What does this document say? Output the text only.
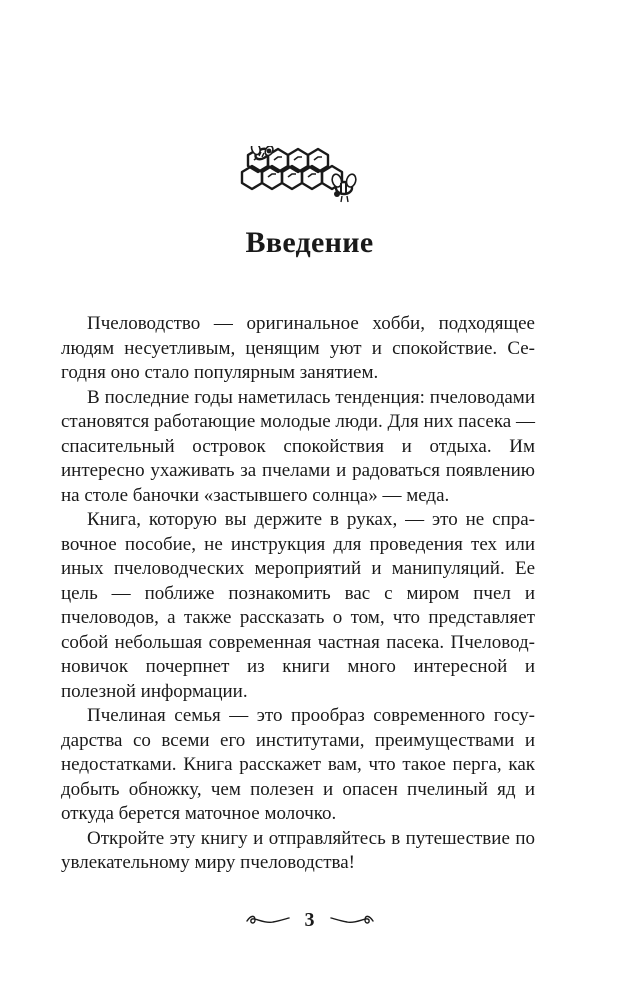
Введение

Пчеловодство — оригинальное хобби, подходящее людям несуетливым, ценящим уют и спокойствие. Сегодня оно стало популярным занятием.

В последние годы наметилась тенденция: пчеловодами становятся работающие молодые люди. Для них пасека — спасительный островок спокойствия и отдыха. Им интересно ухаживать за пчелами и радоваться появлению на столе баночки «застывшего солнца» — меда.

Книга, которую вы держите в руках, — это не справочное пособие, не инструкция для проведения тех или иных пчеловодческих мероприятий и манипуляций. Ее цель — поближе познакомить вас с миром пчел и пчеловодов, а также рассказать о том, что представляет собой небольшая современная частная пасека. Пчеловод-новичок почерпнет из книги много интересной и полезной информации.

Пчелиная семья — это прообраз современного государства со всеми его институтами, преимуществами и недостатками. Книга расскажет вам, что такое перга, как добыть обножку, чем полезен и опасен пчелиный яд и откуда берется маточное молочко.

Откройте эту книгу и отправляйтесь в путешествие по увлекательному миру пчеловодства!

3
